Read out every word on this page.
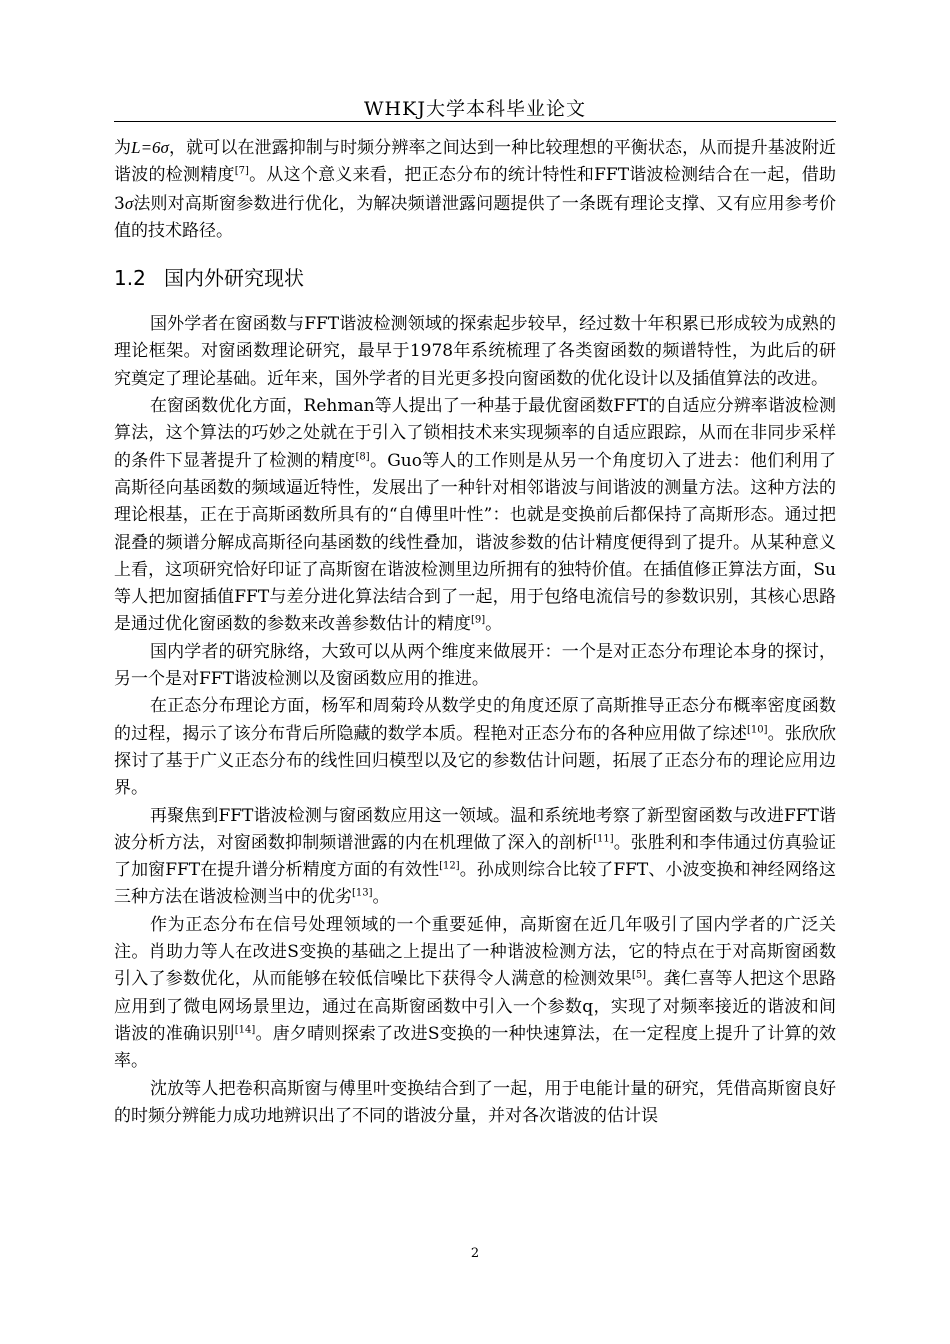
WHKJ大学本科毕业论文

为L=6σ，就可以在泄露抑制与时频分辨率之间达到一种比较理想的平衡状态，从而提升基波附近谐波的检测精度[7]。从这个意义来看，把正态分布的统计特性和FFT谐波检测结合在一起，借助3σ法则对高斯窗参数进行优化，为解决频谱泄露问题提供了一条既有理论支撑、又有应用参考价值的技术路径。

1.2 国内外研究现状

国外学者在窗函数与FFT谐波检测领域的探索起步较早，经过数十年积累已形成较为成熟的理论框架。对窗函数理论研究，最早于1978年系统梳理了各类窗函数的频谱特性，为此后的研究奠定了理论基础。近年来，国外学者的目光更多投向窗函数的优化设计以及插值算法的改进。

在窗函数优化方面，Rehman等人提出了一种基于最优窗函数FFT的自适应分辨率谐波检测算法，这个算法的巧妙之处就在于引入了锁相技术来实现频率的自适应跟踪，从而在非同步采样的条件下显著提升了检测的精度[8]。Guo等人的工作则是从另一个角度切入了进去：他们利用了高斯径向基函数的频域逼近特性，发展出了一种针对相邻谐波与间谐波的测量方法。这种方法的理论根基，正在于高斯函数所具有的“自傅里叶性”：也就是变换前后都保持了高斯形态。通过把混叠的频谱分解成高斯径向基函数的线性叠加，谐波参数的估计精度便得到了提升。从某种意义上看，这项研究恰好印证了高斯窗在谐波检测里边所拥有的独特价值。在插值修正算法方面，Su等人把加窗插值FFT与差分进化算法结合到了一起，用于包络电流信号的参数识别，其核心思路是通过优化窗函数的参数来改善参数估计的精度[9]。

国内学者的研究脉络，大致可以从两个维度来做展开：一个是对正态分布理论本身的探讨，另一个是对FFT谐波检测以及窗函数应用的推进。

在正态分布理论方面，杨军和周菊玲从数学史的角度还原了高斯推导正态分布概率密度函数的过程，揭示了该分布背后所隐藏的数学本质。程艳对正态分布的各种应用做了综述[10]。张欣欣探讨了基于广义正态分布的线性回归模型以及它的参数估计问题，拓展了正态分布的理论应用边界。

再聚焦到FFT谐波检测与窗函数应用这一领域。温和系统地考察了新型窗函数与改进FFT谐波分析方法，对窗函数抑制频谱泄露的内在机理做了深入的剖析[11]。张胜利和李伟通过仿真验证了加窗FFT在提升谱分析精度方面的有效性[12]。孙成则综合比较了FFT、小波变换和神经网络这三种方法在谐波检测当中的优劣[13]。

作为正态分布在信号处理领域的一个重要延伸，高斯窗在近几年吸引了国内学者的广泛关注。肖助力等人在改进S变换的基础之上提出了一种谐波检测方法，它的特点在于对高斯窗函数引入了参数优化，从而能够在较低信噪比下获得令人满意的检测效果[5]。龚仁喜等人把这个思路应用到了微电网场景里边，通过在高斯窗函数中引入一个参数q，实现了对频率接近的谐波和间谐波的准确识别[14]。唐夕晴则探索了改进S变换的一种快速算法，在一定程度上提升了计算的效率。

沈放等人把卷积高斯窗与傅里叶变换结合到了一起，用于电能计量的研究，凭借高斯窗良好的时频分辨能力成功地辨识出了不同的谐波分量，并对各次谐波的估计误

2
